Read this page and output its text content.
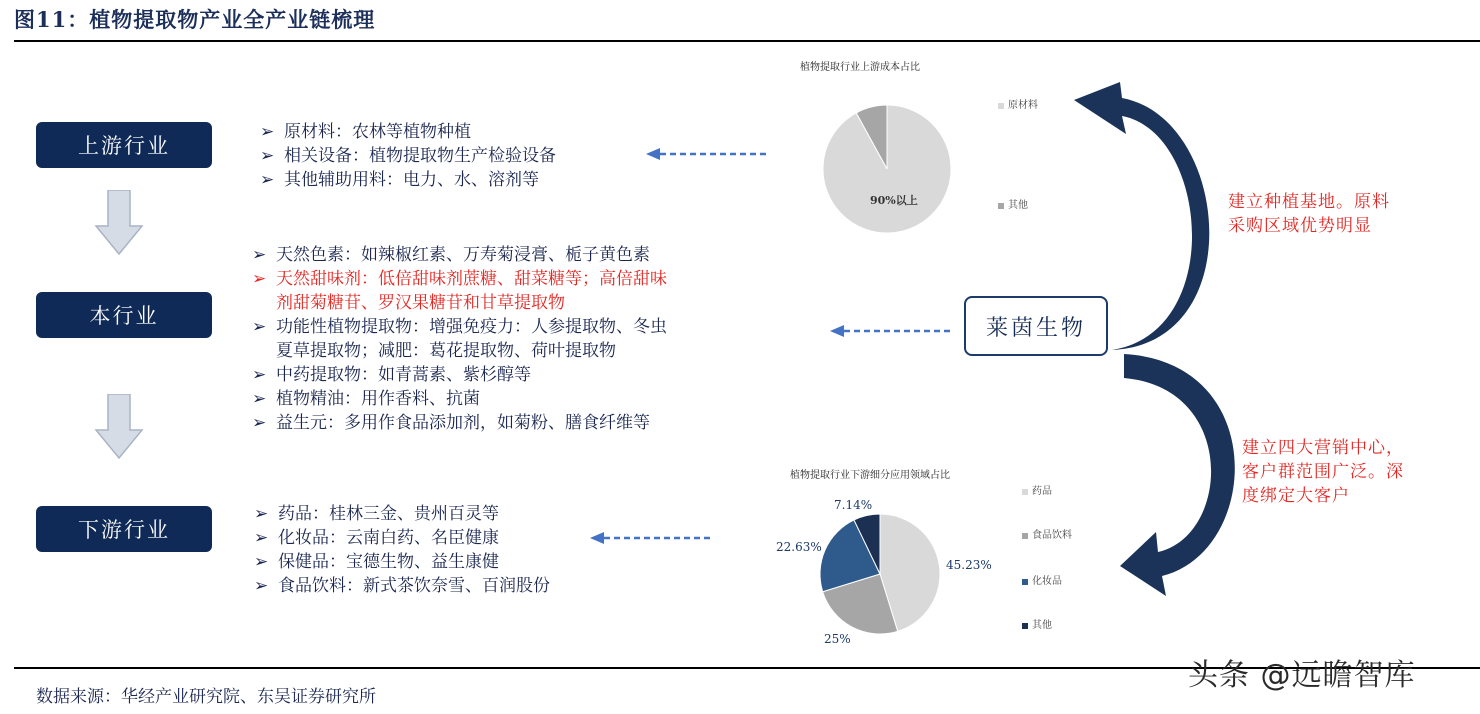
图11：植物提取物产业全产业链梳理
上游行业
本行业
下游行业
➢ 原材料：农林等植物种植
➢ 相关设备：植物提取物生产检验设备
➢ 其他辅助用料：电力、水、溶剂等
➢ 天然色素：如辣椒红素、万寿菊浸膏、栀子黄色素
➢ 天然甜味剂：低倍甜味剂蔗糖、甜菜糖等；高倍甜味
剂甜菊糖苷、罗汉果糖苷和甘草提取物
➢ 功能性植物提取物：增强免疫力：人参提取物、冬虫
夏草提取物；减肥：葛花提取物、荷叶提取物
➢ 中药提取物：如青蒿素、紫杉醇等
➢ 植物精油：用作香料、抗菌
➢ 益生元：多用作食品添加剂，如菊粉、膳食纤维等
➢ 药品：桂林三金、贵州百灵等
➢ 化妆品：云南白药、名臣健康
➢ 保健品：宝德生物、益生康健
➢ 食品饮料：新式茶饮奈雪、百润股份
植物提取行业上游成本占比
90%以上
原材料
其他
植物提取行业下游细分应用领域占比
45.23%
25%
22.63%
7.14%
药品
食品饮料
化妆品
其他
莱茵生物
建立种植基地。原料
采购区域优势明显
建立四大营销中心，
客户群范围广泛。深
度绑定大客户
数据来源：华经产业研究院、东吴证券研究所
头条 @远瞻智库
